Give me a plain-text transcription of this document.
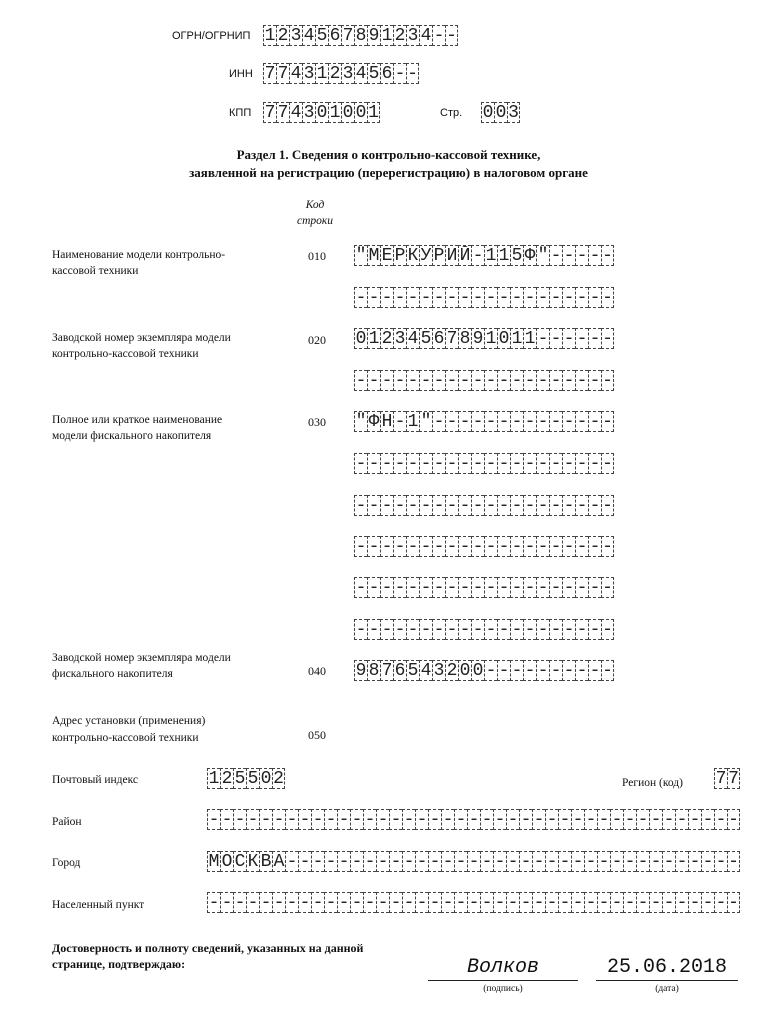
ОГРН/ОГРНИП 1 2 3 4 5 6 7 8 9 1 2 3 4 - -
ИНН 7 7 4 3 1 2 3 4 5 6 - -
КПП 7 7 4 3 0 1 0 0 1	Стр. 0 0 3
Раздел 1. Сведения о контрольно-кассовой технике,
заявленной на регистрацию (перерегистрацию) в налоговом органе
Код
строки
Наименование модели контрольно-
кассовой техники
010 " М Е Р К У Р И Й - 1 1 5 Ф " - - - - -
- - - - - - - - - - - - - - - - - - - -
Заводской номер экземпляра модели
контрольно-кассовой техники
020 0 1 2 3 4 5 6 7 8 9 1 0 1 1 - - - - - -
- - - - - - - - - - - - - - - - - - - -
Полное или краткое наименование
модели фискального накопителя
030 " Ф Н - 1 " - - - - - - - - - - - - - -
- - - - - - - - - - - - - - - - - - - -
- - - - - - - - - - - - - - - - - - - -
- - - - - - - - - - - - - - - - - - - -
- - - - - - - - - - - - - - - - - - - -
- - - - - - - - - - - - - - - - - - - -
Заводской номер экземпляра модели
фискального накопителя	040 9 8 7 6 5 4 3 2 0 0 - - - - - - - - - -
Адрес установки (применения)
контрольно-кассовой техники	050
Почтовый индекс	1 2 5 5 0 2	Регион (код) 7 7
Район	- - - - - - - - - - - - - - - - - - - - - - - - - - - - - - - - - - - - - - - - -
Город	М О С К В А - - - - - - - - - - - - - - - - - - - - - - - - - - - - - - - - - - -
Населенный пункт	- - - - - - - - - - - - - - - - - - - - - - - - - - - - - - - - - - - - - - - - -
Достоверность и полноту сведений, указанных на данной
странице, подтверждаю:	Волков
(подпись)
25.06.2018
(дата)
